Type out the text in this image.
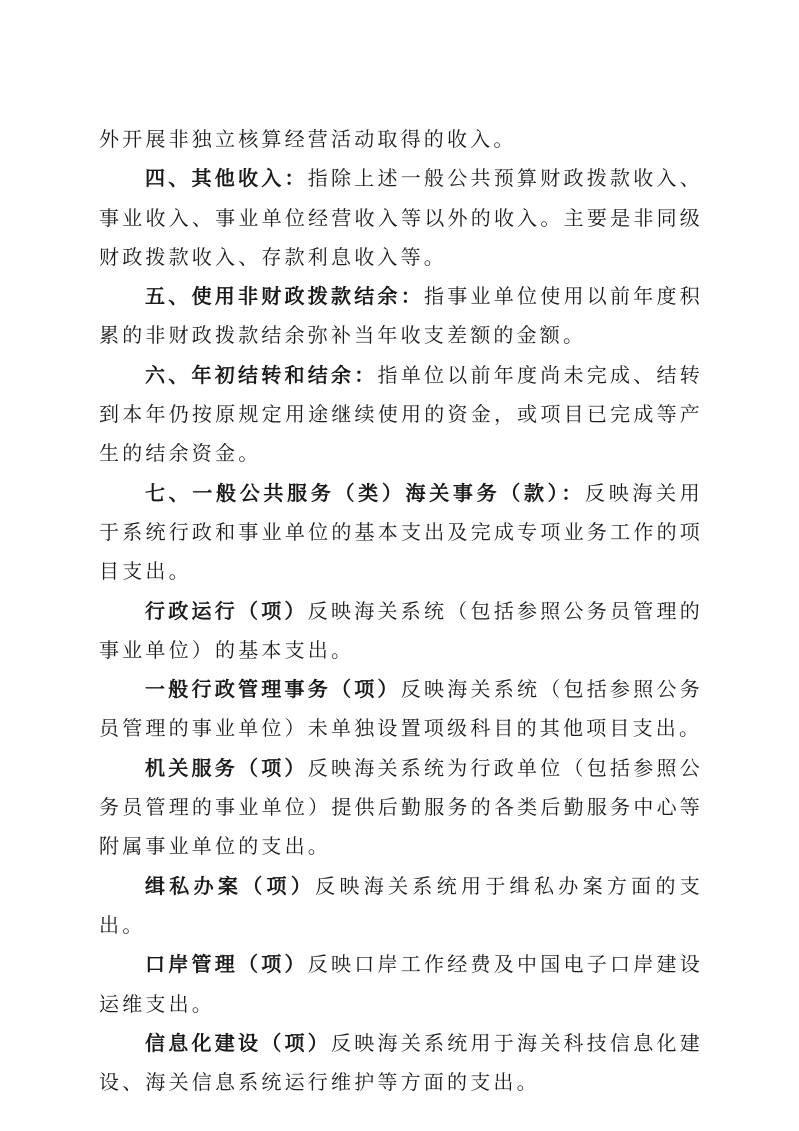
外开展非独立核算经营活动取得的收入。

四、其他收入：指除上述一般公共预算财政拨款收入、事业收入、事业单位经营收入等以外的收入。主要是非同级财政拨款收入、存款利息收入等。

五、使用非财政拨款结余：指事业单位使用以前年度积累的非财政拨款结余弥补当年收支差额的金额。

六、年初结转和结余：指单位以前年度尚未完成、结转到本年仍按原规定用途继续使用的资金，或项目已完成等产生的结余资金。

七、一般公共服务（类）海关事务（款）：反映海关用于系统行政和事业单位的基本支出及完成专项业务工作的项目支出。

行政运行（项）反映海关系统（包括参照公务员管理的事业单位）的基本支出。

一般行政管理事务（项）反映海关系统（包括参照公务员管理的事业单位）未单独设置项级科目的其他项目支出。

机关服务（项）反映海关系统为行政单位（包括参照公务员管理的事业单位）提供后勤服务的各类后勤服务中心等附属事业单位的支出。

缉私办案（项）反映海关系统用于缉私办案方面的支出。

口岸管理（项）反映口岸工作经费及中国电子口岸建设运维支出。

信息化建设（项）反映海关系统用于海关科技信息化建设、海关信息系统运行维护等方面的支出。
